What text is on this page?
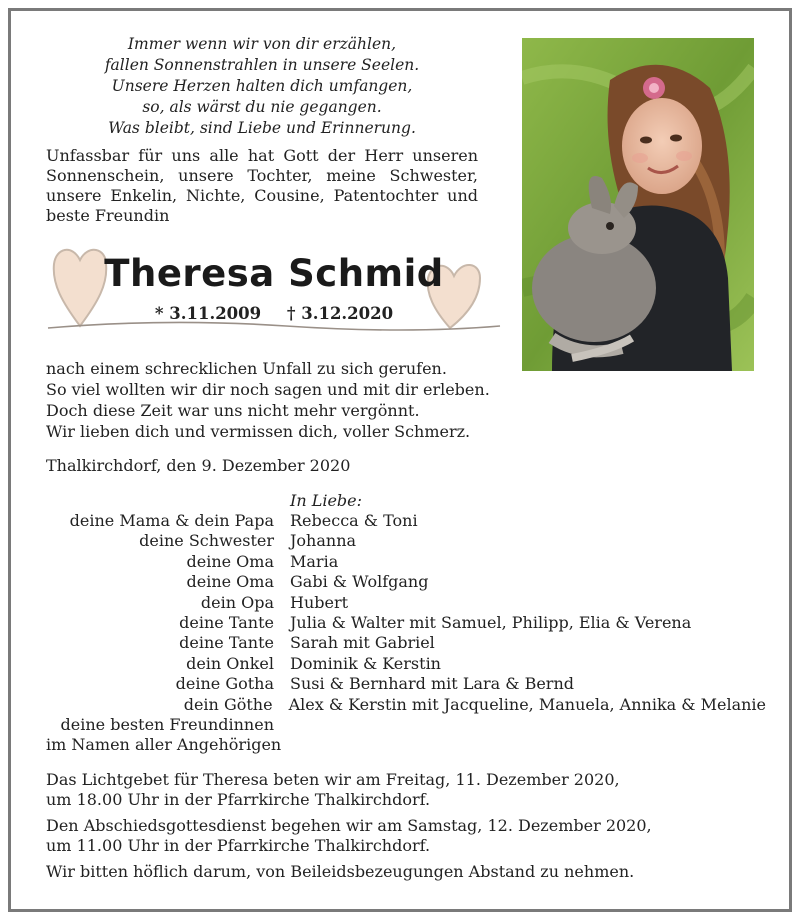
Immer wenn wir von dir erzählen,
fallen Sonnenstrahlen in unsere Seelen.
Unsere Herzen halten dich umfangen,
so, als wärst du nie gegangen.
Was bleibt, sind Liebe und Erinnerung.
Unfassbar für uns alle hat Gott der Herr unseren
Sonnenschein, unsere Tochter, meine Schwester,
unsere Enkelin, Nichte, Cousine, Patentochter und
beste Freundin
Theresa Schmid
* 3.11.2009 † 3.12.2020
nach einem schrecklichen Unfall zu sich gerufen.
So viel wollten wir dir noch sagen und mit dir erleben.
Doch diese Zeit war uns nicht mehr vergönnt.
Wir lieben dich und vermissen dich, voller Schmerz.
Thalkirchdorf, den 9. Dezember 2020
In Liebe:
deine Mama & dein Papa Rebecca & Toni
deine Schwester Johanna
deine Oma Maria
deine Oma Gabi & Wolfgang
dein Opa Hubert
deine Tante Julia & Walter mit Samuel, Philipp, Elia & Verena
deine Tante Sarah mit Gabriel
dein Onkel Dominik & Kerstin
deine Gotha Susi & Bernhard mit Lara & Bernd
dein Göthe Alex & Kerstin mit Jacqueline, Manuela, Annika & Melanie
deine besten Freundinnen
im Namen aller Angehörigen

Das Lichtgebet für Theresa beten wir am Freitag, 11. Dezember 2020,
um 18.00 Uhr in der Pfarrkirche Thalkirchdorf.

Den Abschiedsgottesdienst begehen wir am Samstag, 12. Dezember 2020,
um 11.00 Uhr in der Pfarrkirche Thalkirchdorf.

Wir bitten höflich darum, von Beileidsbezeugungen Abstand zu nehmen.
